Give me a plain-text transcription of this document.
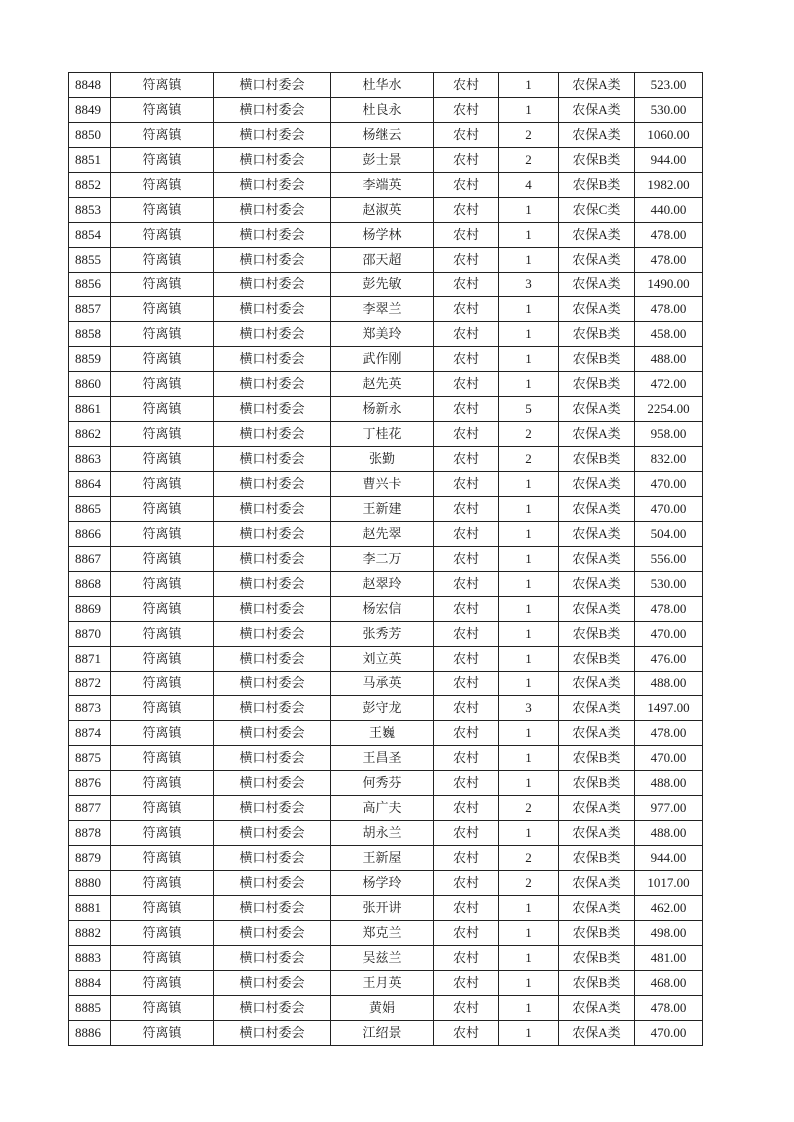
8848	符离镇	横口村委会	杜华水	农村	1	农保A类	523.00
8849	符离镇	横口村委会	杜良永	农村	1	农保A类	530.00
8850	符离镇	横口村委会	杨继云	农村	2	农保A类	1060.00
8851	符离镇	横口村委会	彭士景	农村	2	农保B类	944.00
8852	符离镇	横口村委会	李端英	农村	4	农保B类	1982.00
8853	符离镇	横口村委会	赵淑英	农村	1	农保C类	440.00
8854	符离镇	横口村委会	杨学林	农村	1	农保A类	478.00
8855	符离镇	横口村委会	邵天超	农村	1	农保A类	478.00
8856	符离镇	横口村委会	彭先敏	农村	3	农保A类	1490.00
8857	符离镇	横口村委会	李翠兰	农村	1	农保A类	478.00
8858	符离镇	横口村委会	郑美玲	农村	1	农保B类	458.00
8859	符离镇	横口村委会	武作刚	农村	1	农保B类	488.00
8860	符离镇	横口村委会	赵先英	农村	1	农保B类	472.00
8861	符离镇	横口村委会	杨新永	农村	5	农保A类	2254.00
8862	符离镇	横口村委会	丁桂花	农村	2	农保A类	958.00
8863	符离镇	横口村委会	张勤	农村	2	农保B类	832.00
8864	符离镇	横口村委会	曹兴卡	农村	1	农保A类	470.00
8865	符离镇	横口村委会	王新建	农村	1	农保A类	470.00
8866	符离镇	横口村委会	赵先翠	农村	1	农保A类	504.00
8867	符离镇	横口村委会	李二万	农村	1	农保A类	556.00
8868	符离镇	横口村委会	赵翠玲	农村	1	农保A类	530.00
8869	符离镇	横口村委会	杨宏信	农村	1	农保A类	478.00
8870	符离镇	横口村委会	张秀芳	农村	1	农保B类	470.00
8871	符离镇	横口村委会	刘立英	农村	1	农保B类	476.00
8872	符离镇	横口村委会	马承英	农村	1	农保A类	488.00
8873	符离镇	横口村委会	彭守龙	农村	3	农保A类	1497.00
8874	符离镇	横口村委会	王巍	农村	1	农保A类	478.00
8875	符离镇	横口村委会	王昌圣	农村	1	农保B类	470.00
8876	符离镇	横口村委会	何秀芬	农村	1	农保B类	488.00
8877	符离镇	横口村委会	高广夫	农村	2	农保A类	977.00
8878	符离镇	横口村委会	胡永兰	农村	1	农保A类	488.00
8879	符离镇	横口村委会	王新屋	农村	2	农保B类	944.00
8880	符离镇	横口村委会	杨学玲	农村	2	农保A类	1017.00
8881	符离镇	横口村委会	张开讲	农村	1	农保A类	462.00
8882	符离镇	横口村委会	郑克兰	农村	1	农保B类	498.00
8883	符离镇	横口村委会	吴兹兰	农村	1	农保B类	481.00
8884	符离镇	横口村委会	王月英	农村	1	农保B类	468.00
8885	符离镇	横口村委会	黄娟	农村	1	农保A类	478.00
8886	符离镇	横口村委会	江绍景	农村	1	农保A类	470.00
